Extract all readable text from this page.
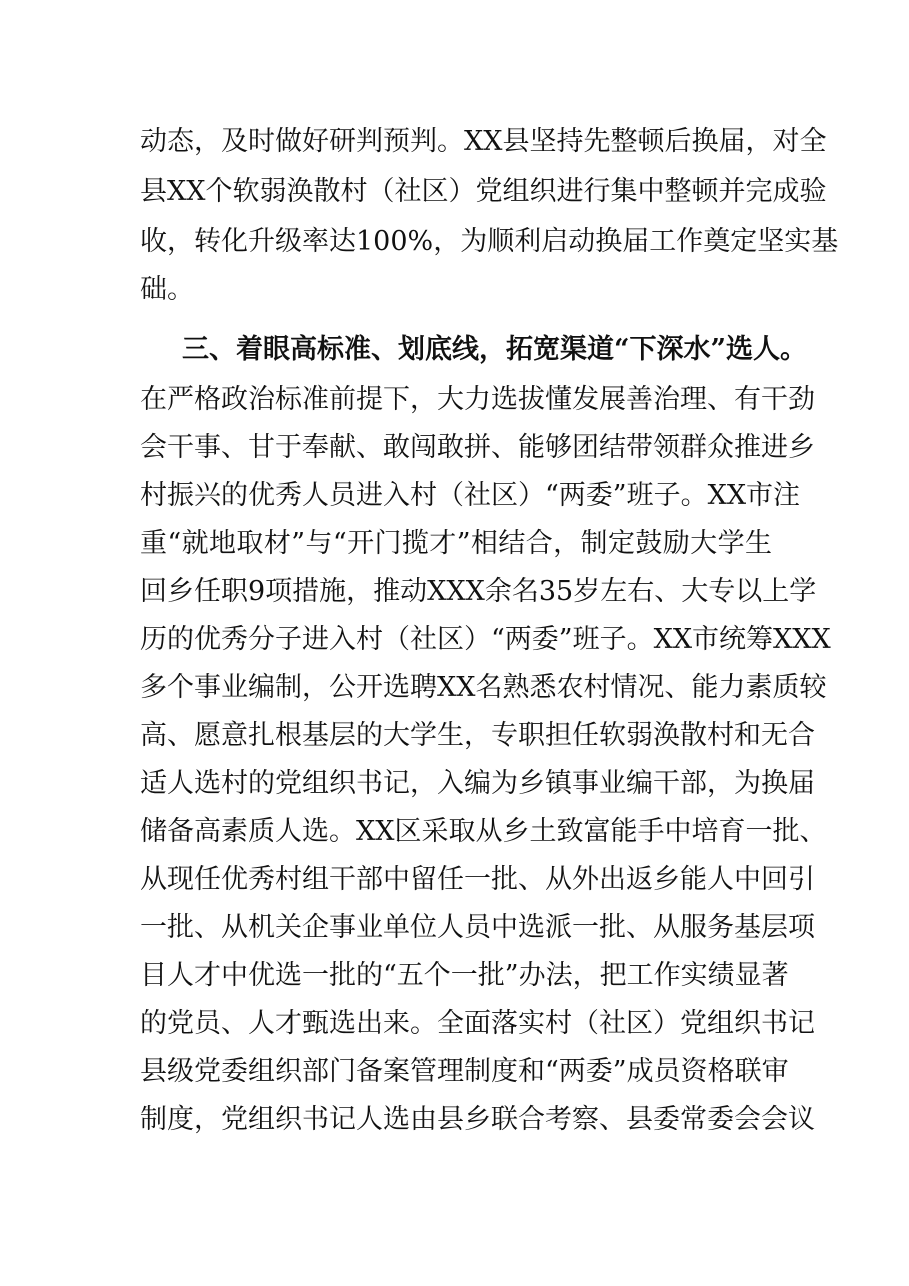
动态，及时做好研判预判。XX县坚持先整顿后换届，对全
县XX个软弱涣散村（社区）党组织进行集中整顿并完成验
收，转化升级率达100%，为顺利启动换届工作奠定坚实基
础。
三、着眼高标准、划底线，拓宽渠道“下深水”选人。
在严格政治标准前提下，大力选拔懂发展善治理、有干劲
会干事、甘于奉献、敢闯敢拼、能够团结带领群众推进乡
村振兴的优秀人员进入村（社区）“两委”班子。XX市注
重“就地取材”与“开门揽才”相结合，制定鼓励大学生
回乡任职9项措施，推动XXX余名35岁左右、大专以上学
历的优秀分子进入村（社区）“两委”班子。XX市统筹XXX
多个事业编制，公开选聘XX名熟悉农村情况、能力素质较
高、愿意扎根基层的大学生，专职担任软弱涣散村和无合
适人选村的党组织书记，入编为乡镇事业编干部，为换届
储备高素质人选。XX区采取从乡土致富能手中培育一批、
从现任优秀村组干部中留任一批、从外出返乡能人中回引
一批、从机关企事业单位人员中选派一批、从服务基层项
目人才中优选一批的“五个一批”办法，把工作实绩显著
的党员、人才甄选出来。全面落实村（社区）党组织书记
县级党委组织部门备案管理制度和“两委”成员资格联审
制度，党组织书记人选由县乡联合考察、县委常委会会议
